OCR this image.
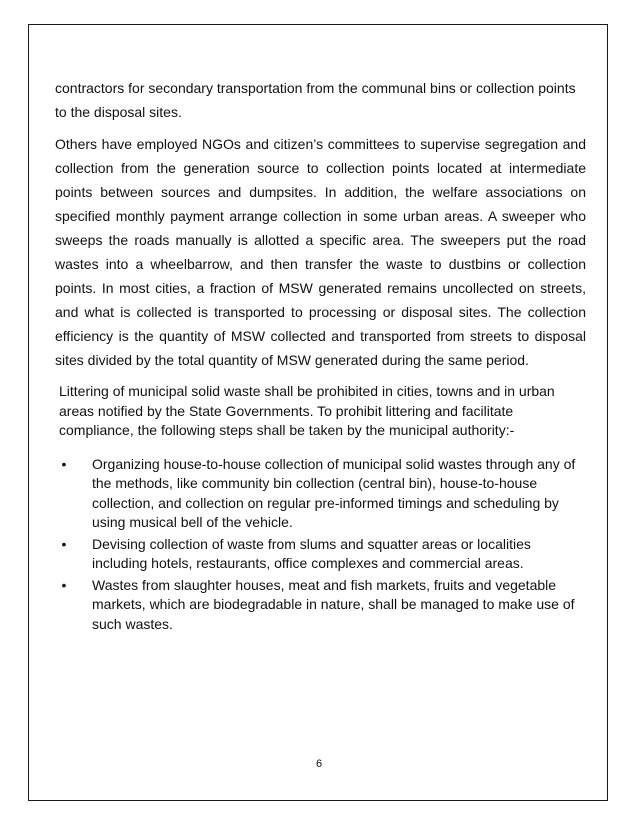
contractors for secondary transportation from the communal bins or collection points to the disposal sites.

Others have employed NGOs and citizen’s committees to supervise segregation and collection from the generation source to collection points located at intermediate points between sources and dumpsites. In addition, the welfare associations on specified monthly payment arrange collection in some urban areas. A sweeper who sweeps the roads manually is allotted a specific area. The sweepers put the road wastes into a wheelbarrow, and then transfer the waste to dustbins or collection points. In most cities, a fraction of MSW generated remains uncollected on streets, and what is collected is transported to processing or disposal sites. The collection efficiency is the quantity of MSW collected and transported from streets to disposal sites divided by the total quantity of MSW generated during the same period.

Littering of municipal solid waste shall be prohibited in cities, towns and in urban areas notified by the State Governments. To prohibit littering and facilitate compliance, the following steps shall be taken by the municipal authority:-

• Organizing house-to-house collection of municipal solid wastes through any of the methods, like community bin collection (central bin), house-to-house collection, and collection on regular pre-informed timings and scheduling by using musical bell of the vehicle.
• Devising collection of waste from slums and squatter areas or localities including hotels, restaurants, office complexes and commercial areas.
• Wastes from slaughter houses, meat and fish markets, fruits and vegetable markets, which are biodegradable in nature, shall be managed to make use of such wastes.
6
